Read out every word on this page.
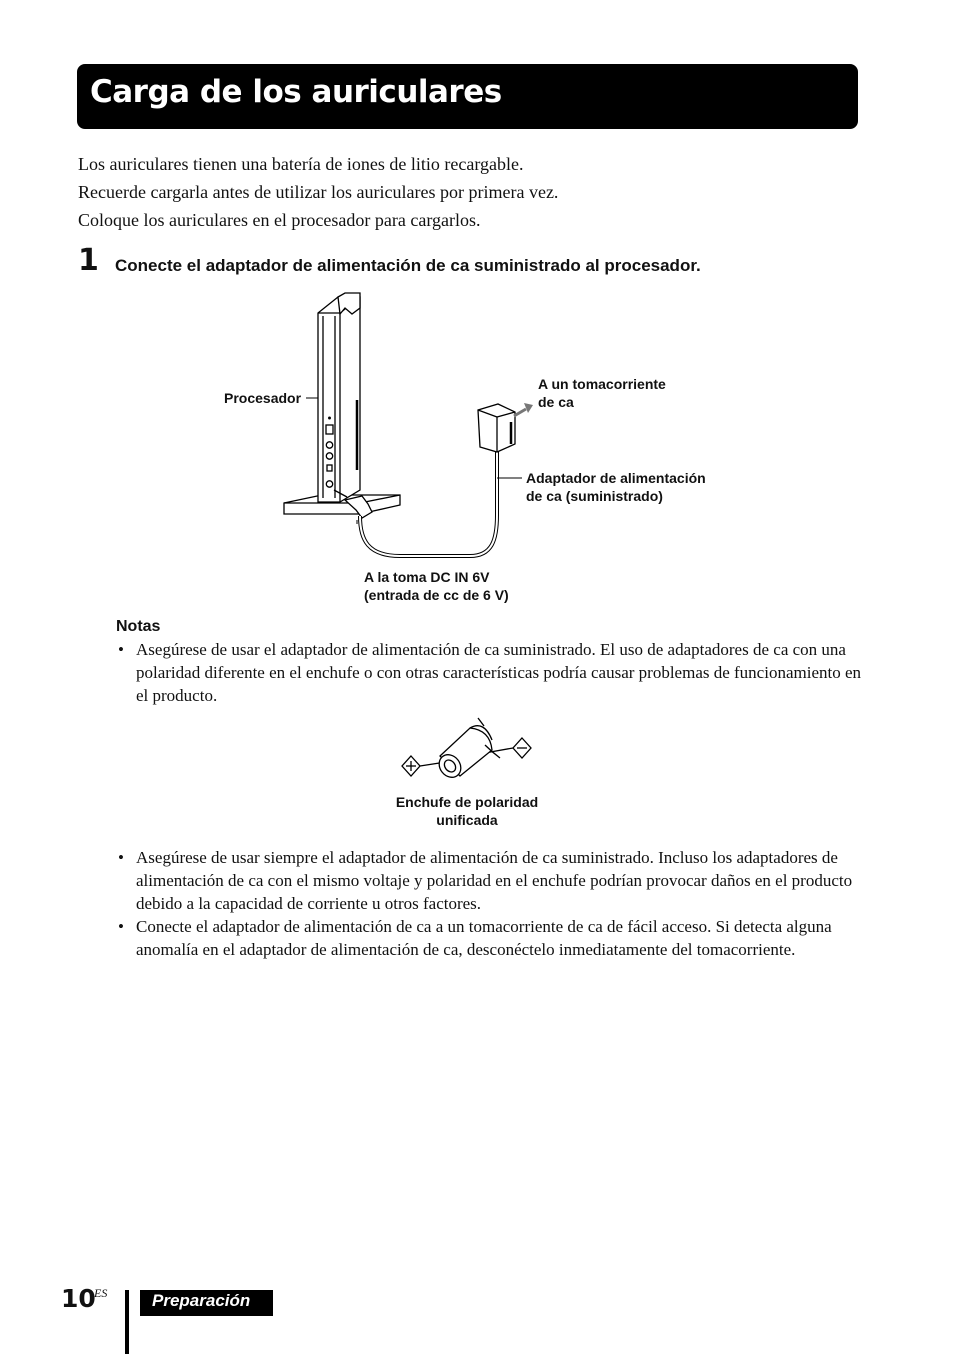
Carga de los auriculares

Los auriculares tienen una batería de iones de litio recargable.

Recuerde cargarla antes de utilizar los auriculares por primera vez.

Coloque los auriculares en el procesador para cargarlos.

1 Conecte el adaptador de alimentación de ca suministrado al procesador.
Procesador
A un tomacorriente
de ca
Adaptador de alimentación
de ca (suministrado)
A la toma DC IN 6V
(entrada de cc de 6 V)
Notas
• Asegúrese de usar el adaptador de alimentación de ca suministrado. El uso de adaptadores de ca con una polaridad diferente en el enchufe o con otras características podría causar problemas de funcionamiento en el producto.
Enchufe de polaridad
unificada
• Asegúrese de usar siempre el adaptador de alimentación de ca suministrado. Incluso los adaptadores de alimentación de ca con el mismo voltaje y polaridad en el enchufe podrían provocar daños en el producto debido a la capacidad de corriente u otros factores.
• Conecte el adaptador de alimentación de ca a un tomacorriente de ca de fácil acceso. Si detecta alguna anomalía en el adaptador de alimentación de ca, desconéctelo inmediatamente del tomacorriente.
10
ES	Preparación
